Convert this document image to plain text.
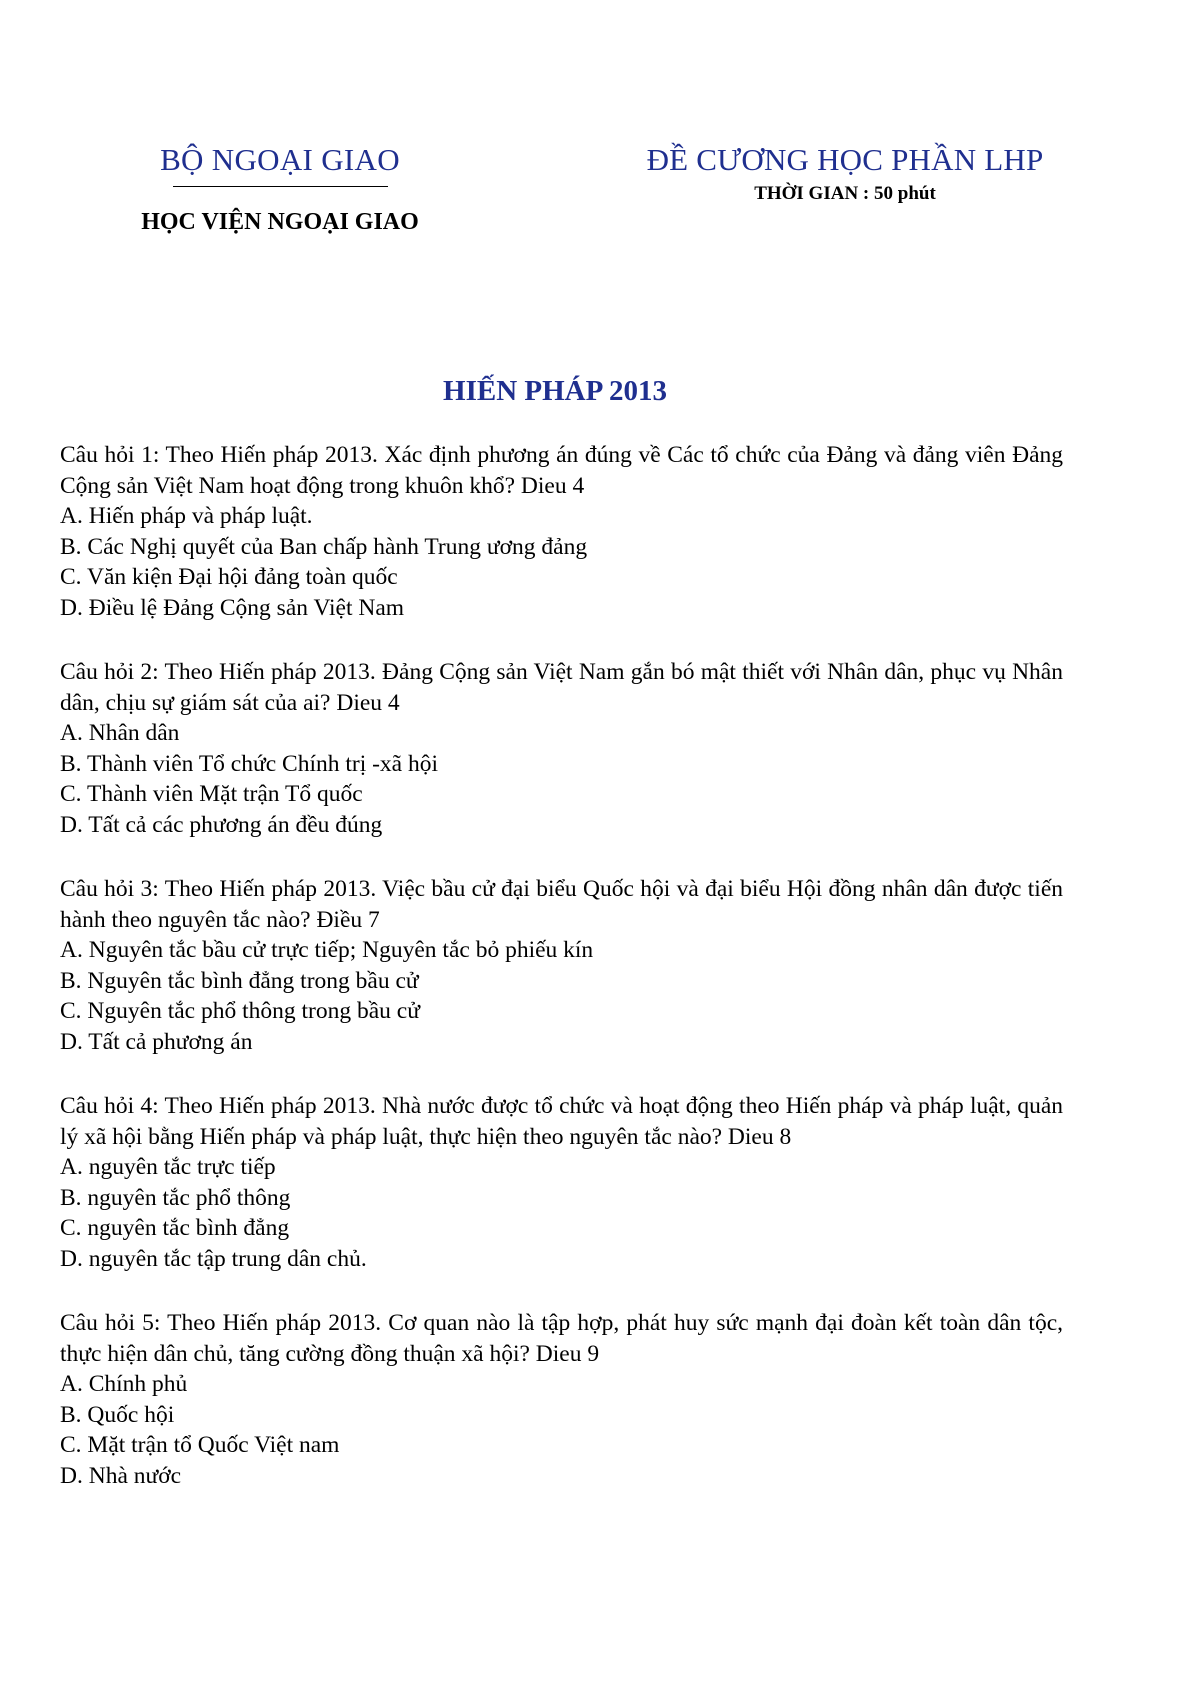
BỘ NGOẠI GIAO
HỌC VIỆN NGOẠI GIAO
ĐỀ CƯƠNG HỌC PHẦN LHP
THỜI GIAN : 50 phút
HIẾN PHÁP 2013

Câu hỏi 1: Theo Hiến pháp 2013. Xác định phương án đúng về Các tổ chức của Đảng và đảng viên Đảng Cộng sản Việt Nam hoạt động trong khuôn khổ? Dieu 4

A. Hiến pháp và pháp luật.

B. Các Nghị quyết của Ban chấp hành Trung ương đảng

C. Văn kiện Đại hội đảng toàn quốc

D. Điều lệ Đảng Cộng sản Việt Nam

Câu hỏi 2: Theo Hiến pháp 2013. Đảng Cộng sản Việt Nam gắn bó mật thiết với Nhân dân, phục vụ Nhân dân, chịu sự giám sát của ai? Dieu 4

A. Nhân dân

B. Thành viên Tổ chức Chính trị -xã hội

C. Thành viên Mặt trận Tổ quốc

D. Tất cả các phương án đều đúng

Câu hỏi 3: Theo Hiến pháp 2013. Việc bầu cử đại biểu Quốc hội và đại biểu Hội đồng nhân dân được tiến hành theo nguyên tắc nào? Điều 7

A. Nguyên tắc bầu cử trực tiếp; Nguyên tắc bỏ phiếu kín

B. Nguyên tắc bình đẳng trong bầu cử

C. Nguyên tắc phổ thông trong bầu cử

D. Tất cả phương án

Câu hỏi 4: Theo Hiến pháp 2013. Nhà nước được tổ chức và hoạt động theo Hiến pháp và pháp luật, quản lý xã hội bằng Hiến pháp và pháp luật, thực hiện theo nguyên tắc nào? Dieu 8

A. nguyên tắc trực tiếp

B. nguyên tắc phổ thông

C. nguyên tắc bình đẳng

D. nguyên tắc tập trung dân chủ.

Câu hỏi 5: Theo Hiến pháp 2013. Cơ quan nào là tập hợp, phát huy sức mạnh đại đoàn kết toàn dân tộc, thực hiện dân chủ, tăng cường đồng thuận xã hội? Dieu 9

A. Chính phủ

B. Quốc hội

C. Mặt trận tổ Quốc Việt nam

D. Nhà nước
